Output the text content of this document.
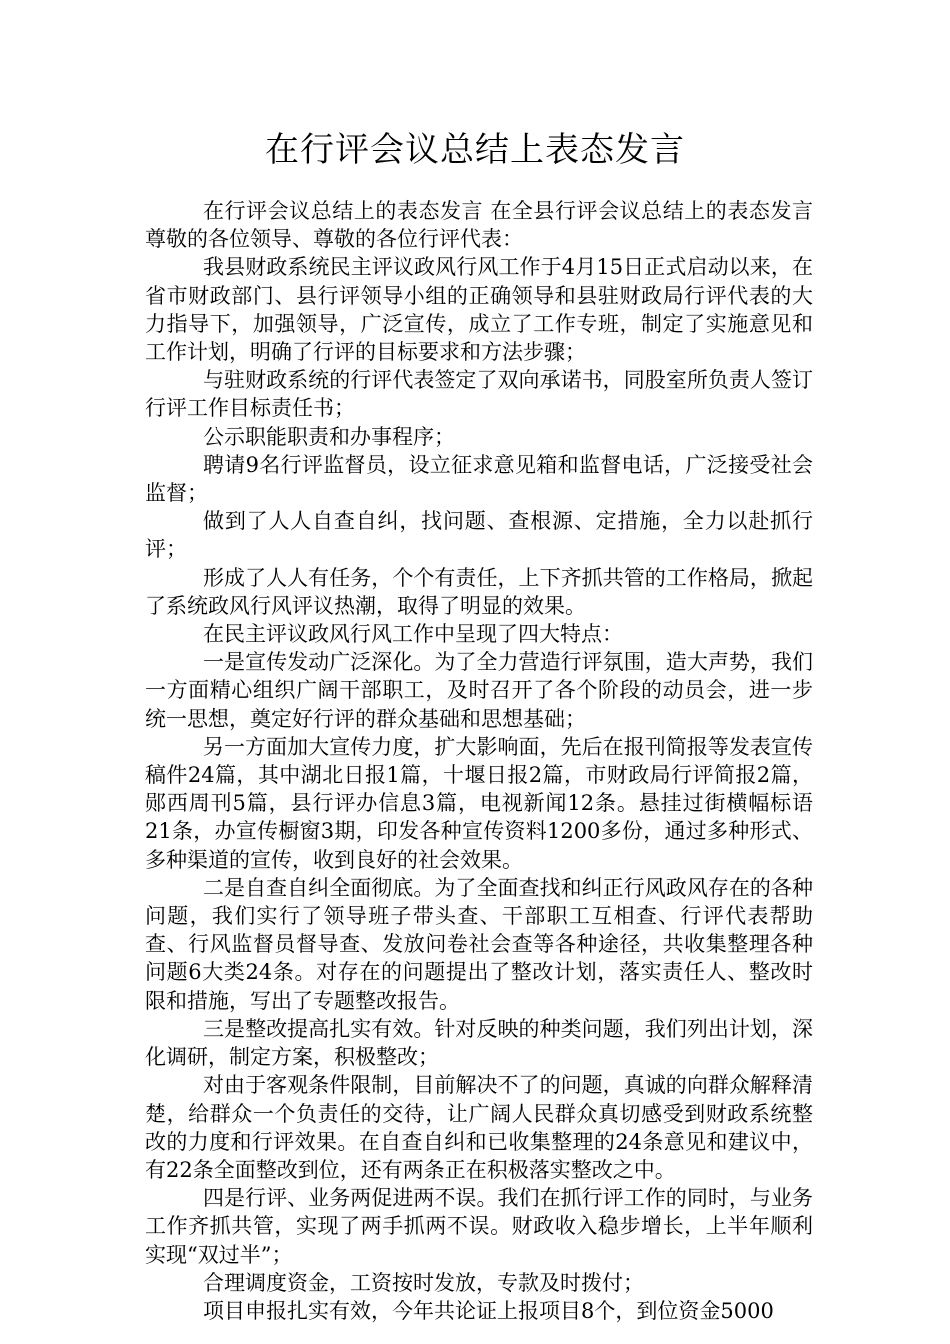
在行评会议总结上表态发言

在行评会议总结上的表态发言 在全县行评会议总结上的表态发言 尊敬的各位领导、尊敬的各位行评代表：

我县财政系统民主评议政风行风工作于4月15日正式启动以来，在省市财政部门、县行评领导小组的正确领导和县驻财政局行评代表的大力指导下，加强领导，广泛宣传，成立了工作专班，制定了实施意见和工作计划，明确了行评的目标要求和方法步骤；

与驻财政系统的行评代表签定了双向承诺书，同股室所负责人签订行评工作目标责任书；

公示职能职责和办事程序；

聘请9名行评监督员，设立征求意见箱和监督电话，广泛接受社会监督；

做到了人人自查自纠，找问题、查根源、定措施，全力以赴抓行评；

形成了人人有任务，个个有责任，上下齐抓共管的工作格局，掀起了系统政风行风评议热潮，取得了明显的效果。

在民主评议政风行风工作中呈现了四大特点：

一是宣传发动广泛深化。为了全力营造行评氛围，造大声势，我们一方面精心组织广阔干部职工，及时召开了各个阶段的动员会，进一步统一思想，奠定好行评的群众基础和思想基础；

另一方面加大宣传力度，扩大影响面，先后在报刊简报等发表宣传稿件24篇，其中湖北日报1篇，十堰日报2篇，市财政局行评简报2篇，郧西周刊5篇，县行评办信息3篇，电视新闻12条。悬挂过街横幅标语21条，办宣传橱窗3期，印发各种宣传资料1200多份，通过多种形式、多种渠道的宣传，收到良好的社会效果。

二是自查自纠全面彻底。为了全面查找和纠正行风政风存在的各种问题，我们实行了领导班子带头查、干部职工互相查、行评代表帮助查、行风监督员督导查、发放问卷社会查等各种途径，共收集整理各种问题6大类24条。对存在的问题提出了整改计划，落实责任人、整改时限和措施，写出了专题整改报告。

三是整改提高扎实有效。针对反映的种类问题，我们列出计划，深化调研，制定方案，积极整改；

对由于客观条件限制，目前解决不了的问题，真诚的向群众解释清楚，给群众一个负责任的交待，让广阔人民群众真切感受到财政系统整改的力度和行评效果。在自查自纠和已收集整理的24条意见和建议中，有22条全面整改到位，还有两条正在积极落实整改之中。

四是行评、业务两促进两不误。我们在抓行评工作的同时，与业务工作齐抓共管，实现了两手抓两不误。财政收入稳步增长，上半年顺利实现“双过半”；

合理调度资金，工资按时发放，专款及时拨付；

项目申报扎实有效，今年共论证上报项目8个，到位资金5000
